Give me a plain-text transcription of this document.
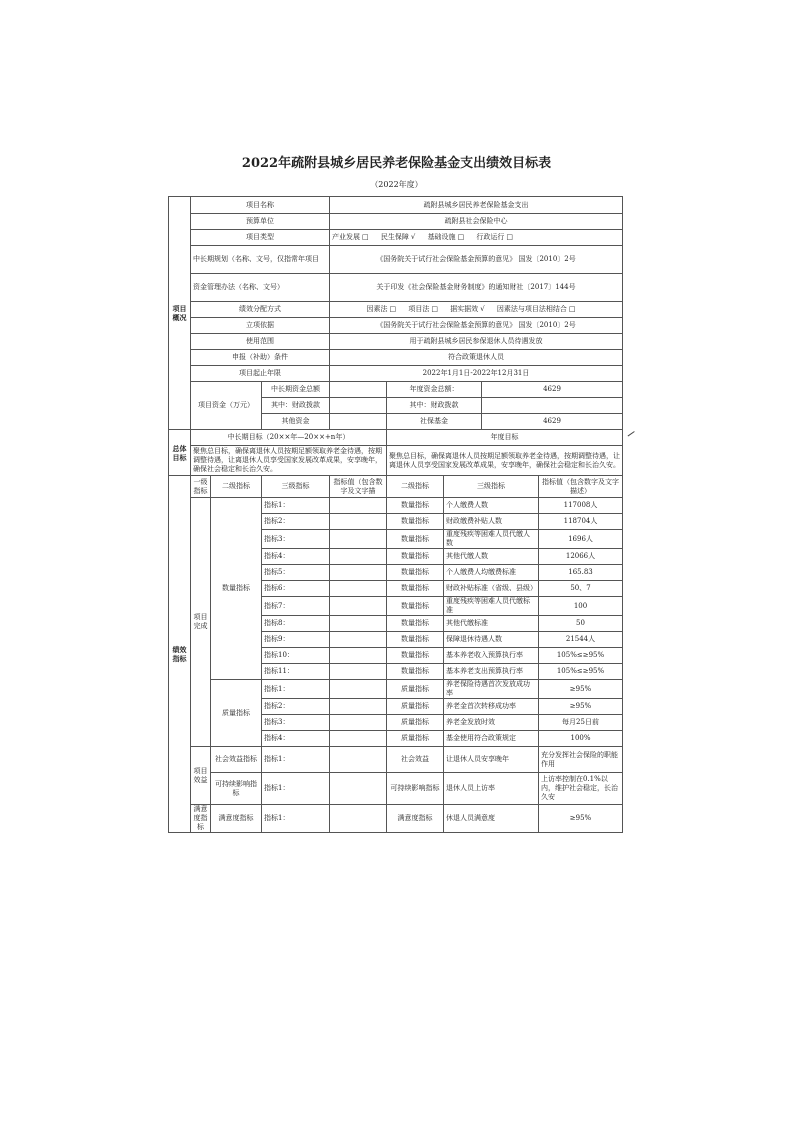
2022年疏附县城乡居民养老保险基金支出绩效目标表
（2022年度）
项目概况	项目名称			疏附县城乡居民养老保险基金支出				
	预算单位			疏附县社会保险中心				
	项目类型			产业发展 □ 民生保障 √ 基础设施 □ 行政运行 □				
	中长期规划（名称、文号，仅指常年项目			《国务院关于试行社会保险基金预算的意见》 国发〔2010〕2号				
	资金管理办法（名称、文号）			关于印发《社会保险基金财务制度》的通知财社〔2017〕144号				
	绩效分配方式			因素法 □ 项目法 □ 据实据效 √ 因素法与项目法相结合 □				
	立项依据			《国务院关于试行社会保险基金预算的意见》 国发〔2010〕2号				
	使用范围			用于疏附县城乡居民参保退休人员待遇发放				
	申报（补助）条件			符合政策退休人员				
	项目起止年限			2022年1月1日-2022年12月31日				
	项目资金（万元）		中长期资金总额		年度资金总额：		4629	
			其中：财政拨款		其中：财政拨款			
			其他资金		社保基金		4629	
总体目标	中长期目标（20××年—20××+n年）				年度目标			
	聚焦总目标，确保离退休人员按期足额领取养老金待遇，按期调整待遇，让离退休人员享受国家发展改革成果，安享晚年，确保社会稳定和长治久安。				聚焦总目标，确保离退休人员按期足额领取养老金待遇，按期调整待遇，让离退休人员享受国家发展改革成果，安享晚年，确保社会稳定和长治久安。			
绩效指标	一级指标	二级指标	三级指标	指标值（包含数字及文字描	二级指标	三级指标		指标值（包含数字及文字描述）
	项目完成	数量指标	指标1：		数量指标	个人缴费人数		117008人
			指标2：		数量指标	财政缴费补贴人数		118704人
			指标3：		数量指标	重度残疾等困难人员代缴人数		1696人
			指标4：		数量指标	其他代缴人数		12066人
			指标5：		数量指标	个人缴费人均缴费标准		165.83
			指标6：		数量指标	财政补贴标准（省级、县级）		50、7
			指标7：		数量指标	重度残疾等困难人员代缴标准		100
			指标8：		数量指标	其他代缴标准		50
			指标9：		数量指标	保障退休待遇人数		21544人
			指标10：		数量指标	基本养老收入预算执行率		105%≤≥95%
			指标11：		数量指标	基本养老支出预算执行率		105%≤≥95%
		质量指标	指标1：		质量指标	养老保险待遇首次发放成功率		≥95%
			指标2：		质量指标	养老金首次转移成功率		≥95%
			指标3：		质量指标	养老金发放时效		每月25日前
			指标4：		质量指标	基金使用符合政策规定		100%
	项目效益	社会效益指标	指标1：		社会效益	让退休人员安享晚年		充分发挥社会保险的职能作用
		可持续影响指标	指标1：		可持续影响指标	退休人员上访率		上访率控制在0.1%以内，维护社会稳定，长治久安
	满意度指标	满意度指标	指标1：		满意度指标	休退人员满意度		≥95%
